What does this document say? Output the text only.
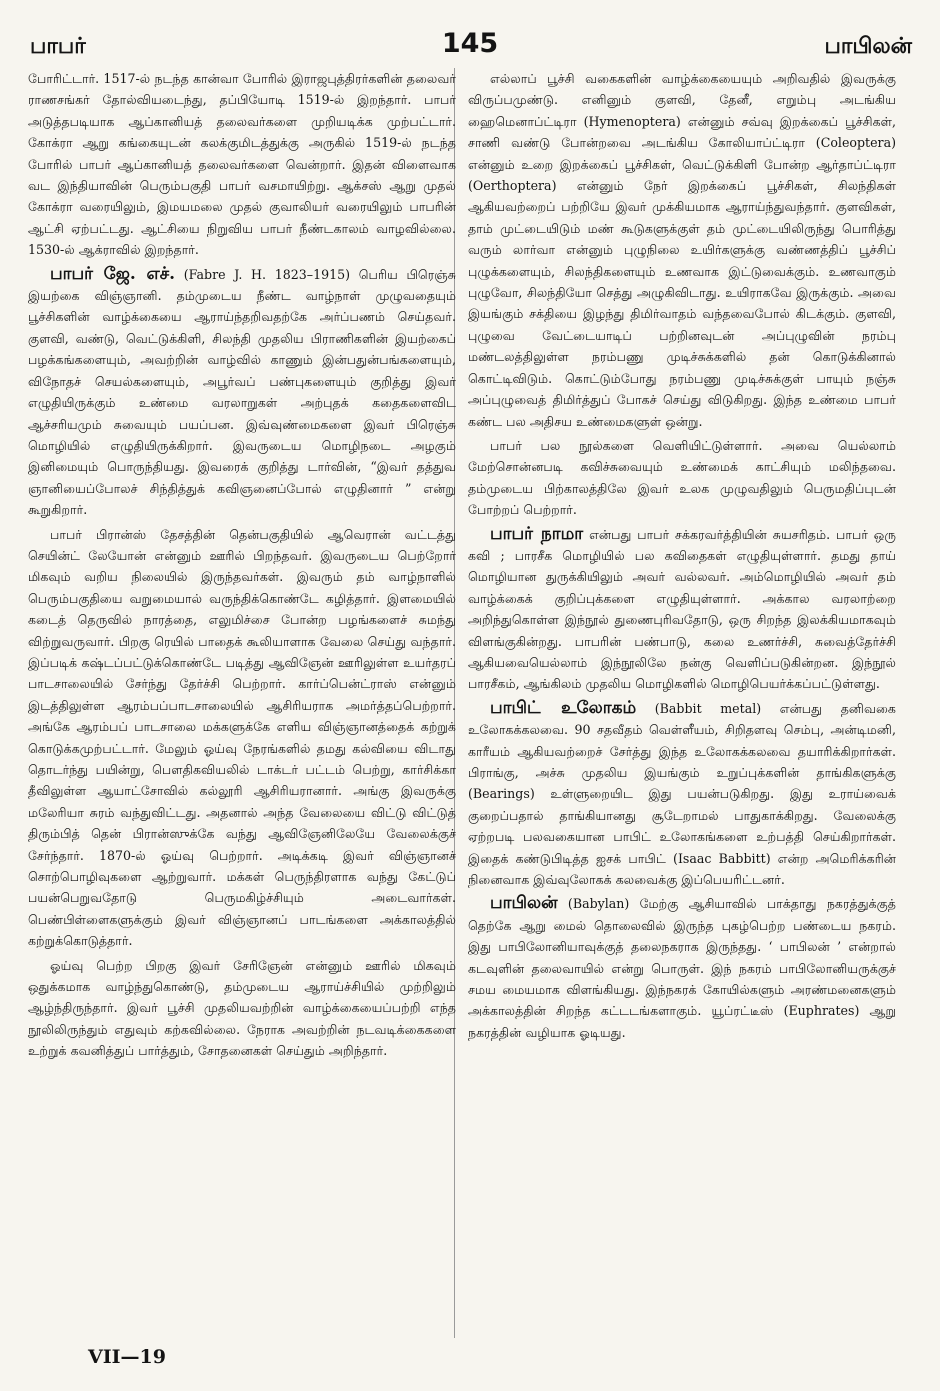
பாபர்	145	பாபிலன்

போரிட்டார். 1517-ல் நடந்த கான்வா போரில் இராஜபுத்திரர்களின் தலைவர் ராணசங்கர் தோல்வியடைந்து, தப்பியோடி 1519-ல் இறந்தார். பாபர் அடுத்தபடியாக ஆப்கானியத் தலைவர்களை முறியடிக்க முற்பட்டார். கோக்ரா ஆறு கங்கையுடன் கலக்குமிடத்துக்கு அருகில் 1519-ல் நடந்த போரில் பாபர் ஆப்கானியத் தலைவர்களை வென்றார். இதன் விளைவாக வட இந்தியாவின் பெரும்பகுதி பாபர் வசமாயிற்று. ஆக்சஸ் ஆறு முதல் கோக்ரா வரையிலும், இமயமலை முதல் குவாலியர் வரையிலும் பாபரின் ஆட்சி ஏற்பட்டது. ஆட்சியை நிறுவிய பாபர் நீண்டகாலம் வாழவில்லை. 1530-ல் ஆக்ராவில் இறந்தார்.

பாபர் ஜே. எச். (Fabre J. H. 1823–1915) பெரிய பிரெஞ்சு இயற்கை விஞ்ஞானி. தம்முடைய நீண்ட வாழ்நாள் முழுவதையும் பூச்சிகளின் வாழ்க்கையை ஆராய்ந்தறிவதற்கே அர்ப்பணம் செய்தவர். குளவி, வண்டு, வெட்டுக்கிளி, சிலந்தி முதலிய பிராணிகளின் இயற்கைப் பழக்கங்களையும், அவற்றின் வாழ்வில் காணும் இன்பதுன்பங்களையும், விநோதச் செயல்களையும், அபூர்வப் பண்புகளையும் குறித்து இவர் எழுதியிருக்கும் உண்மை வரலாறுகள் அற்புதக் கதைகளைவிட ஆச்சரியமும் சுவையும் பயப்பன. இவ்வுண்மைகளை இவர் பிரெஞ்சு மொழியில் எழுதியிருக்கிறார். இவருடைய மொழிநடை அழகும் இனிமையும் பொருந்தியது. இவரைக் குறித்து டார்வின், “இவர் தத்துவ ஞானியைப்போலச் சிந்தித்துக் கவிஞனைப்போல் எழுதினார் ” என்று கூறுகிறார்.

பாபர் பிரான்ஸ் தேசத்தின் தென்பகுதியில் ஆவெரான் வட்டத்து செயின்ட் லேயோன் என்னும் ஊரில் பிறந்தவர். இவருடைய பெற்றோர் மிகவும் வறிய நிலையில் இருந்தவர்கள். இவரும் தம் வாழ்நாளில் பெரும்பகுதியை வறுமையால் வருந்திக்கொண்டே கழித்தார். இளமையில் கடைத் தெருவில் நாரத்தை, எலுமிச்சை போன்ற பழங்களைச் சுமந்து விற்றுவருவார். பிறகு ரெயில் பாதைக் கூலியாளாக வேலை செய்து வந்தார். இப்படிக் கஷ்டப்பட்டுக்கொண்டே படித்து ஆவிஞேன் ஊரிலுள்ள உயர்தரப் பாடசாலையில் சேர்ந்து தேர்ச்சி பெற்றார். கார்ப்பென்ட்ராஸ் என்னும் இடத்திலுள்ள ஆரம்பப்பாடசாலையில் ஆசிரியராக அமர்த்தப்பெற்றார். அங்கே ஆரம்பப் பாடசாலை மக்களுக்கே எளிய விஞ்ஞானத்தைக் கற்றுக் கொடுக்கமுற்பட்டார். மேலும் ஓய்வு நேரங்களில் தமது கல்வியை விடாது தொடர்ந்து பயின்று, பௌதிகவியலில் டாக்டர் பட்டம் பெற்று, கார்சிக்கா தீவிலுள்ள ஆயாட்சோவில் கல்லூரி ஆசிரியரானார். அங்கு இவருக்கு மலேரியா சுரம் வந்துவிட்டது. அதனால் அந்த வேலையை விட்டு விட்டுத் திரும்பித் தென் பிரான்ஸுக்கே வந்து ஆவிஞேனிலேயே வேலைக்குச் சேர்ந்தார். 1870-ல் ஓய்வு பெற்றார். அடிக்கடி இவர் விஞ்ஞானச் சொற்பொழிவுகளை ஆற்றுவார். மக்கள் பெருந்திரளாக வந்து கேட்டுப் பயன்பெறுவதோடு பெருமகிழ்ச்சியும் அடைவார்கள். பெண்பிள்ளைகளுக்கும் இவர் விஞ்ஞானப் பாடங்களை அக்காலத்தில் கற்றுக்கொடுத்தார்.

ஓய்வு பெற்ற பிறகு இவர் சேரிஞேன் என்னும் ஊரில் மிகவும் ஒதுக்கமாக வாழ்ந்துகொண்டு, தம்முடைய ஆராய்ச்சியில் முற்றிலும் ஆழ்ந்திருந்தார். இவர் பூச்சி முதலியவற்றின் வாழ்க்கையைப்பற்றி எந்த நூலிலிருந்தும் எதுவும் கற்கவில்லை. நேராக அவற்றின் நடவடிக்கைகளை உற்றுக் கவனித்துப் பார்த்தும், சோதனைகள் செய்தும் அறிந்தார்.

எல்லாப் பூச்சி வகைகளின் வாழ்க்கையையும் அறிவதில் இவருக்கு விருப்பமுண்டு. எனினும் குளவி, தேனீ, எறும்பு அடங்கிய ஹைமெனாப்ட்டிரா (Hymenoptera) என்னும் சவ்வு இறக்கைப் பூச்சிகள், சாணி வண்டு போன்றவை அடங்கிய கோலியாப்ட்டிரா (Coleoptera) என்னும் உறை இறக்கைப் பூச்சிகள், வெட்டுக்கிளி போன்ற ஆர்தாப்ட்டிரா (Oerthoptera) என்னும் நேர் இறக்கைப் பூச்சிகள், சிலந்திகள் ஆகியவற்றைப் பற்றியே இவர் முக்கியமாக ஆராய்ந்துவந்தார். குளவிகள், தாம் முட்டையிடும் மண் கூடுகளுக்குள் தம் முட்டையிலிருந்து பொரித்து வரும் லார்வா என்னும் புழுநிலை உயிர்களுக்கு வண்ணத்திப் பூச்சிப் புழுக்களையும், சிலந்திகளையும் உணவாக இட்டுவைக்கும். உணவாகும் புழுவோ, சிலந்தியோ செத்து அழுகிவிடாது. உயிராகவே இருக்கும். அவை இயங்கும் சக்தியை இழந்து திமிர்வாதம் வந்தவைபோல் கிடக்கும். குளவி, புழுவை வேட்டையாடிப் பற்றினவுடன் அப்புழுவின் நரம்பு மண்டலத்திலுள்ள நரம்பணு முடிச்சுக்களில் தன் கொடுக்கினால் கொட்டிவிடும். கொட்டும்போது நரம்பணு முடிச்சுக்குள் பாயும் நஞ்சு அப்புழுவைத் திமிர்த்துப் போகச் செய்து விடுகிறது. இந்த உண்மை பாபர் கண்ட பல அதிசய உண்மைகளுள் ஒன்று.

பாபர் பல நூல்களை வெளியிட்டுள்ளார். அவை யெல்லாம் மேற்சொன்னபடி கவிச்சுவையும் உண்மைக் காட்சியும் மலிந்தவை. தம்முடைய பிற்காலத்திலே இவர் உலக முழுவதிலும் பெருமதிப்புடன் போற்றப் பெற்றார்.

பாபர் நாமா என்பது பாபர் சக்கரவர்த்தியின் சுயசரிதம். பாபர் ஒரு கவி ; பாரசீக மொழியில் பல கவிதைகள் எழுதியுள்ளார். தமது தாய் மொழியான துருக்கியிலும் அவர் வல்லவர். அம்மொழியில் அவர் தம் வாழ்க்கைக் குறிப்புக்களை எழுதியுள்ளார். அக்கால வரலாற்றை அறிந்துகொள்ள இந்நூல் துணைபுரிவதோடு, ஒரு சிறந்த இலக்கியமாகவும் விளங்குகின்றது. பாபரின் பண்பாடு, கலை உணர்ச்சி, சுவைத்தேர்ச்சி ஆகியவையெல்லாம் இந்நூலிலே நன்கு வெளிப்படுகின்றன. இந்நூல் பாரசீகம், ஆங்கிலம் முதலிய மொழிகளில் மொழிபெயர்க்கப்பட்டுள்ளது.

பாபிட் உலோகம் (Babbit metal) என்பது தனிவகை உலோகக்கலவை. 90 சதவீதம் வெள்ளீயம், சிறிதளவு செம்பு, அன்டிமனி, காரீயம் ஆகியவற்றைச் சேர்த்து இந்த உலோகக்கலவை தயாரிக்கிறார்கள். பிராங்கு, அச்சு முதலிய இயங்கும் உறுப்புக்களின் தாங்கிகளுக்கு (Bearings) உள்ளுறையிட இது பயன்படுகிறது. இது உராய்வைக் குறைப்பதால் தாங்கியானது சூடேறாமல் பாதுகாக்கிறது. வேலைக்கு ஏற்றபடி பலவகையான பாபிட் உலோகங்களை உற்பத்தி செய்கிறார்கள். இதைக் கண்டுபிடித்த ஐசக் பாபிட் (Isaac Babbitt) என்ற அமெரிக்கரின் நினைவாக இவ்வுலோகக் கலவைக்கு இப்பெயரிட்டனர்.

பாபிலன் (Babylan) மேற்கு ஆசியாவில் பாக்தாது நகரத்துக்குத் தெற்கே ஆறு மைல் தொலைவில் இருந்த புகழ்பெற்ற பண்டைய நகரம். இது பாபிலோனியாவுக்குத் தலைநகராக இருந்தது. ‘ பாபிலன் ’ என்றால் கடவுளின் தலைவாயில் என்று பொருள். இந் நகரம் பாபிலோனியருக்குச் சமய மையமாக விளங்கியது. இந்நகரக் கோயில்களும் அரண்மனைகளும் அக்காலத்தின் சிறந்த கட்டடங்களாகும். யூப்ரட்டீஸ் (Euphrates) ஆறு நகரத்தின் வழியாக ஓடியது.

VII—19
